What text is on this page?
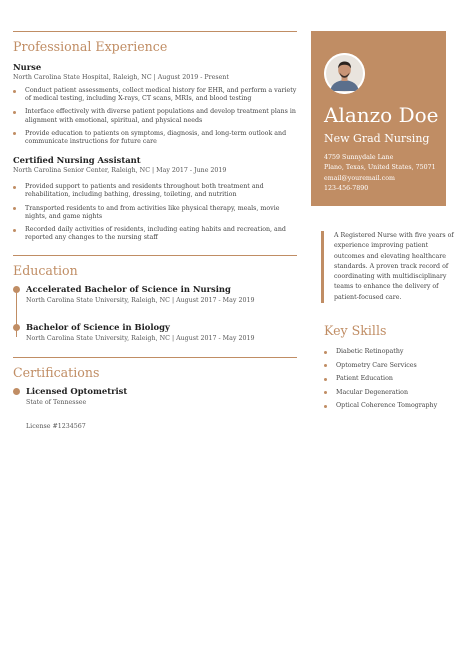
Professional Experience
Nurse
North Carolina State Hospital, Raleigh, NC | August 2019 - Present
Conduct patient assessments, collect medical history for EHR, and perform a variety of medical testing, including X-rays, CT scans, MRIs, and blood testing
Interface effectively with diverse patient populations and develop treatment plans in alignment with emotional, spiritual, and physical needs
Provide education to patients on symptoms, diagnosis, and long-term outlook and communicate instructions for future care
Certified Nursing Assistant
North Carolina Senior Center, Raleigh, NC | May 2017 - June 2019
Provided support to patients and residents throughout both treatment and rehabilitation, including bathing, dressing, toileting, and nutrition
Transported residents to and from activities like physical therapy, meals, movie nights, and game nights
Recorded daily activities of residents, including eating habits and recreation, and reported any changes to the nursing staff
Education
Accelerated Bachelor of Science in Nursing
North Carolina State University, Raleigh, NC | August 2017 - May 2019
Bachelor of Science in Biology
North Carolina State University, Raleigh, NC | August 2017 - May 2019
Certifications
Licensed Optometrist
State of Tennessee
License #1234567
Alanzo Doe
New Grad Nursing
4759 Sunnydale Lane
Plano, Texas, United States, 75071
email@youremail.com
123-456-7890
A Registered Nurse with five years of experience improving patient outcomes and elevating healthcare standards. A proven track record of coordinating with multidisciplinary teams to enhance the delivery of patient-focused care.
Key Skills
Diabetic Retinopathy
Optometry Care Services
Patient Education
Macular Degeneration
Optical Coherence Tomography
